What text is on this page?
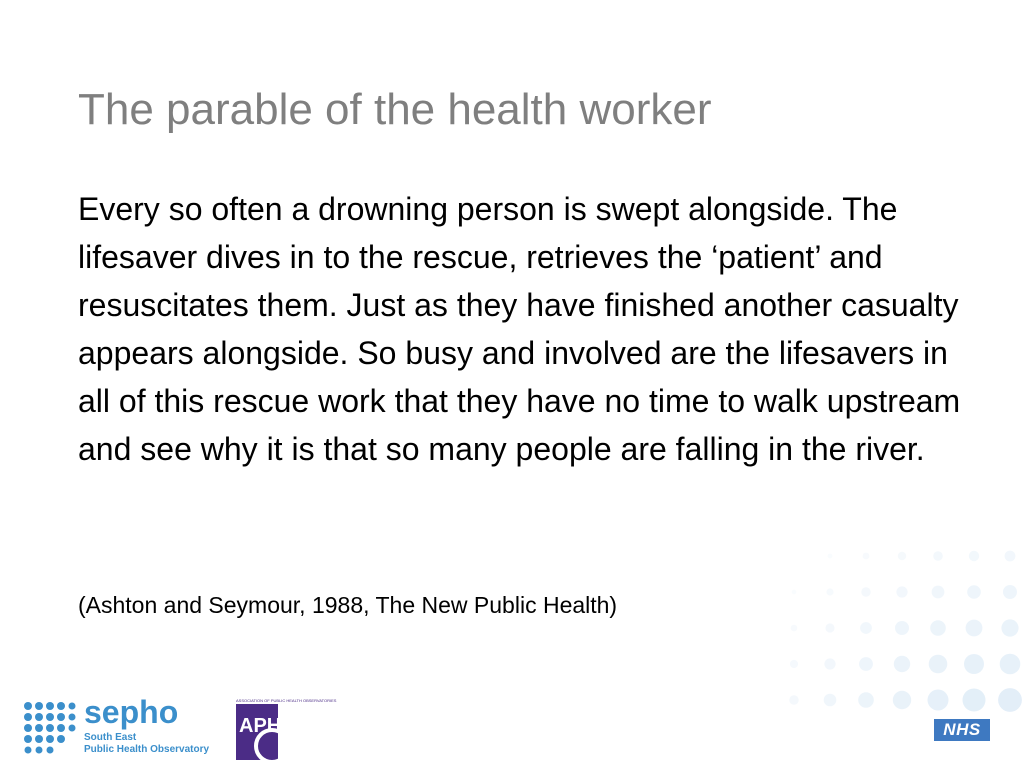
The parable of the health worker

Every so often a drowning person is swept alongside. The lifesaver dives in to the rescue, retrieves the ‘patient’ and resuscitates them. Just as they have finished another casualty appears alongside. So busy and involved are the lifesavers in all of this rescue work that they have no time to walk upstream and see why it is that so many people are falling in the river.

(Ashton and Seymour, 1988, The New Public Health)
sepho
South East
Public Health Observatory
APHO
ASSOCIATION OF PUBLIC HEALTH OBSERVATORIES
NHS
